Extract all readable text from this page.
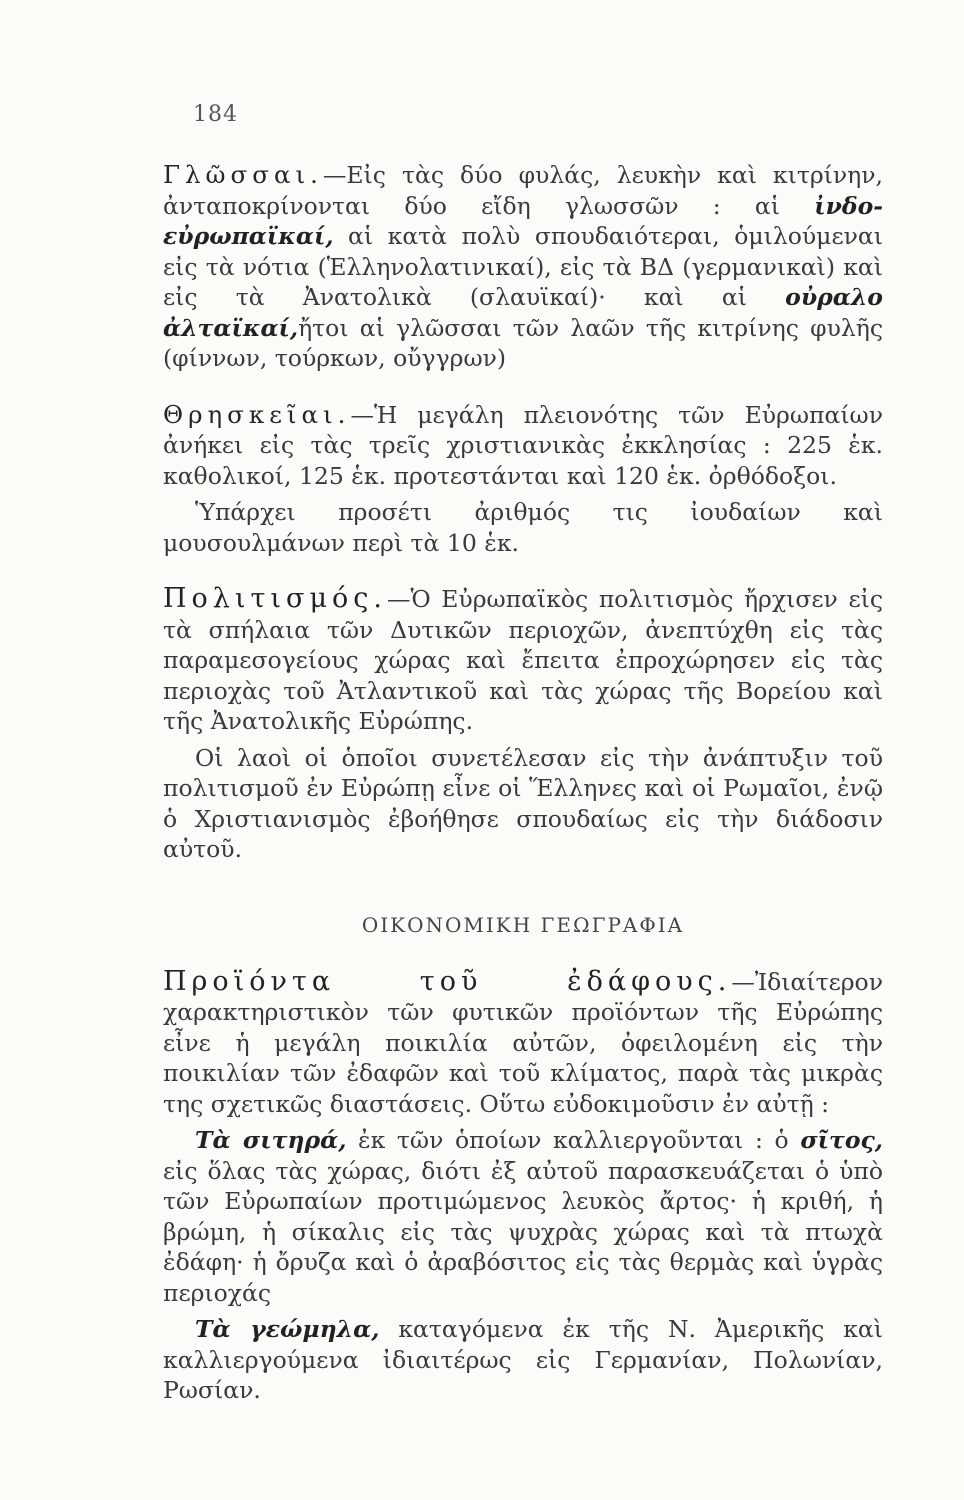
184

Γλῶσσαι.—Εἰς τὰς δύο φυλάς, λευκὴν καὶ κιτρίνην, ἀνταποκρίνονται δύο εἴδη γλωσσῶν : αἱ ἰνδο-εὐρωπαϊκαί, αἱ κατὰ πολὺ σπουδαιότεραι, ὁμιλούμεναι εἰς τὰ νότια (Ἑλληνολατινικαί), εἰς τὰ ΒΔ (γερμανικαὶ) καὶ εἰς τὰ Ἀνατολικὰ (σλαυϊκαί)· καὶ αἱ οὐραλο ἀλταϊκαί,ἤτοι αἱ γλῶσσαι τῶν λαῶν τῆς κιτρίνης φυλῆς (φίννων, τούρκων, οὔγγρων)

Θρησκεῖαι.—Ἡ μεγάλη πλειονότης τῶν Εὐρωπαίων ἀνήκει εἰς τὰς τρεῖς χριστιανικὰς ἐκκλησίας : 225 ἑκ. καθολικοί, 125 ἑκ. προτεστάνται καὶ 120 ἑκ. ὀρθόδοξοι.

Ὑπάρχει προσέτι ἀριθμός τις ἰουδαίων καὶ μουσουλμάνων περὶ τὰ 10 ἑκ.

Πολιτισμός.—Ὁ Εὐρωπαϊκὸς πολιτισμὸς ἤρχισεν εἰς τὰ σπήλαια τῶν Δυτικῶν περιοχῶν, ἀνεπτύχθη εἰς τὰς παραμεσογείους χώρας καὶ ἔπειτα ἐπροχώρησεν εἰς τὰς περιοχὰς τοῦ Ἀτλαντικοῦ καὶ τὰς χώρας τῆς Βορείου καὶ τῆς Ἀνατολικῆς Εὐρώπης.

Οἱ λαοὶ οἱ ὁποῖοι συνετέλεσαν εἰς τὴν ἀνάπτυξιν τοῦ πολιτισμοῦ ἐν Εὐρώπῃ εἶνε οἱ Ἕλληνες καὶ οἱ Ρωμαῖοι, ἐνῷ ὁ Χριστιανισμὸς ἐβοήθησε σπουδαίως εἰς τὴν διάδοσιν αὐτοῦ.

ΟΙΚΟΝΟΜΙΚΗ ΓΕΩΓΡΑΦΙΑ

Προϊόντα τοῦ ἐδάφους.—Ἰδιαίτερον χαρακτηριστικὸν τῶν φυτικῶν προϊόντων τῆς Εὐρώπης εἶνε ἡ μεγάλη ποικιλία αὐτῶν, ὀφειλομένη εἰς τὴν ποικιλίαν τῶν ἐδαφῶν καὶ τοῦ κλίματος, παρὰ τὰς μικρὰς της σχετικῶς διαστάσεις. Οὕτω εὐδοκιμοῦσιν ἐν αὐτῇ :

Τὰ σιτηρά, ἐκ τῶν ὁποίων καλλιεργοῦνται : ὁ σῖτος, εἰς ὅλας τὰς χώρας, διότι ἐξ αὐτοῦ παρασκευάζεται ὁ ὑπὸ τῶν Εὐρωπαίων προτιμώμενος λευκὸς ἄρτος· ἡ κριθή, ἡ βρώμη, ἡ σίκαλις εἰς τὰς ψυχρὰς χώρας καὶ τὰ πτωχὰ ἐδάφη· ἡ ὄρυζα καὶ ὁ ἀραβόσιτος εἰς τὰς θερμὰς καὶ ὑγρὰς περιοχάς

Τὰ γεώμηλα, καταγόμενα ἐκ τῆς Ν. Ἀμερικῆς καὶ καλλιεργούμενα ἰδιαιτέρως εἰς Γερμανίαν, Πολωνίαν, Ρωσίαν.
